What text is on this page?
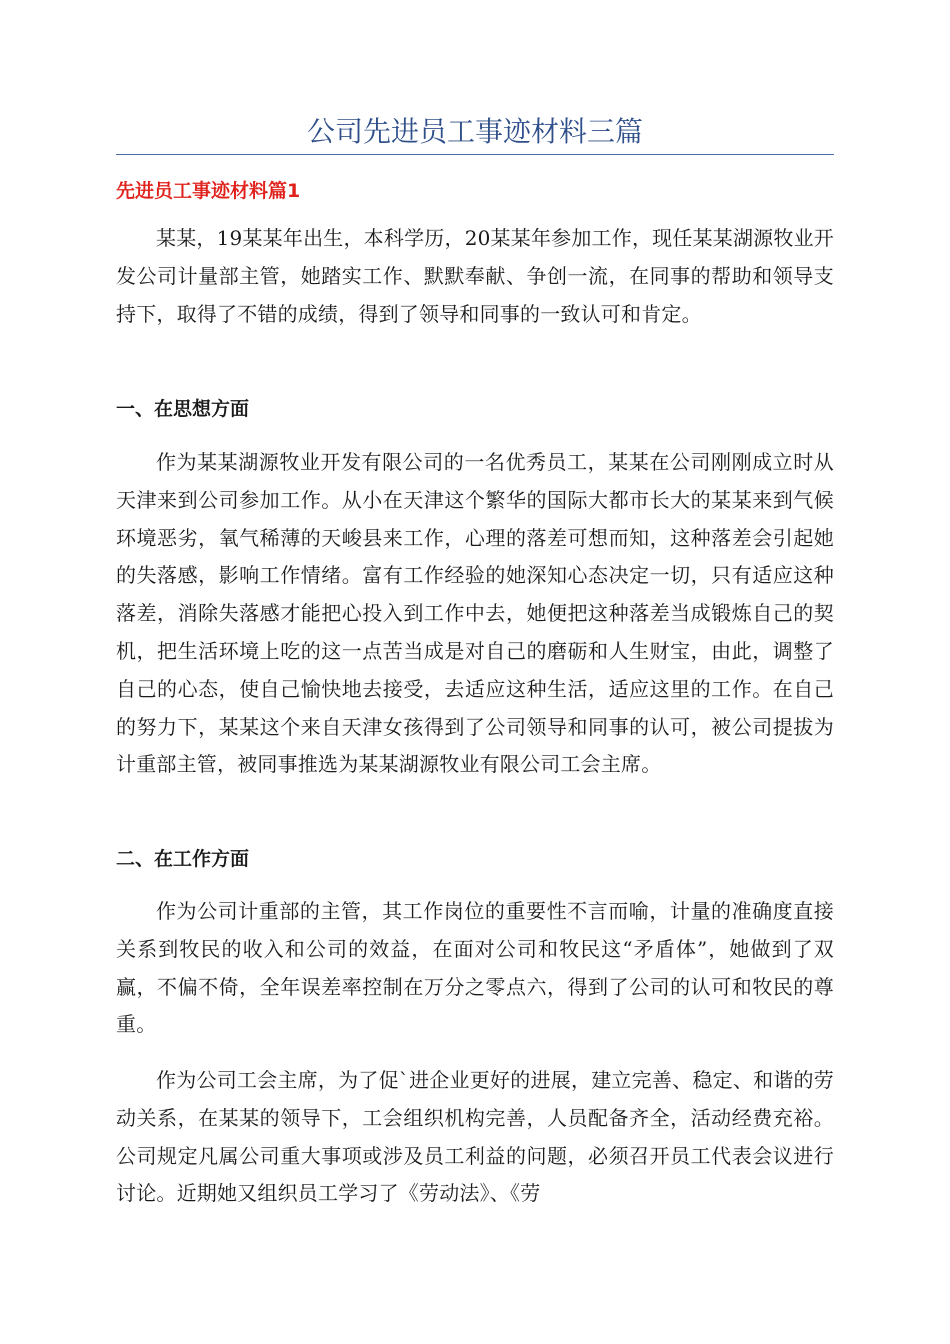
公司先进员工事迹材料三篇
先进员工事迹材料篇1

某某，19某某年出生，本科学历，20某某年参加工作，现任某某湖源牧业开发公司计量部主管，她踏实工作、默默奉献、争创一流，在同事的帮助和领导支持下，取得了不错的成绩，得到了领导和同事的一致认可和肯定。

一、在思想方面

作为某某湖源牧业开发有限公司的一名优秀员工，某某在公司刚刚成立时从天津来到公司参加工作。从小在天津这个繁华的国际大都市长大的某某来到气候环境恶劣，氧气稀薄的天峻县来工作，心理的落差可想而知，这种落差会引起她的失落感，影响工作情绪。富有工作经验的她深知心态决定一切，只有适应这种落差，消除失落感才能把心投入到工作中去，她便把这种落差当成锻炼自己的契机，把生活环境上吃的这一点苦当成是对自己的磨砺和人生财宝，由此，调整了自己的心态，使自己愉快地去接受，去适应这种生活，适应这里的工作。在自己的努力下，某某这个来自天津女孩得到了公司领导和同事的认可，被公司提拔为计重部主管，被同事推选为某某湖源牧业有限公司工会主席。

二、在工作方面

作为公司计重部的主管，其工作岗位的重要性不言而喻，计量的准确度直接关系到牧民的收入和公司的效益，在面对公司和牧民这“矛盾体”，她做到了双赢，不偏不倚，全年误差率控制在万分之零点六，得到了公司的认可和牧民的尊重。

作为公司工会主席，为了促`进企业更好的进展，建立完善、稳定、和谐的劳动关系，在某某的领导下，工会组织机构完善，人员配备齐全，活动经费充裕。公司规定凡属公司重大事项或涉及员工利益的问题，必须召开员工代表会议进行讨论。近期她又组织员工学习了《劳动法》、《劳
